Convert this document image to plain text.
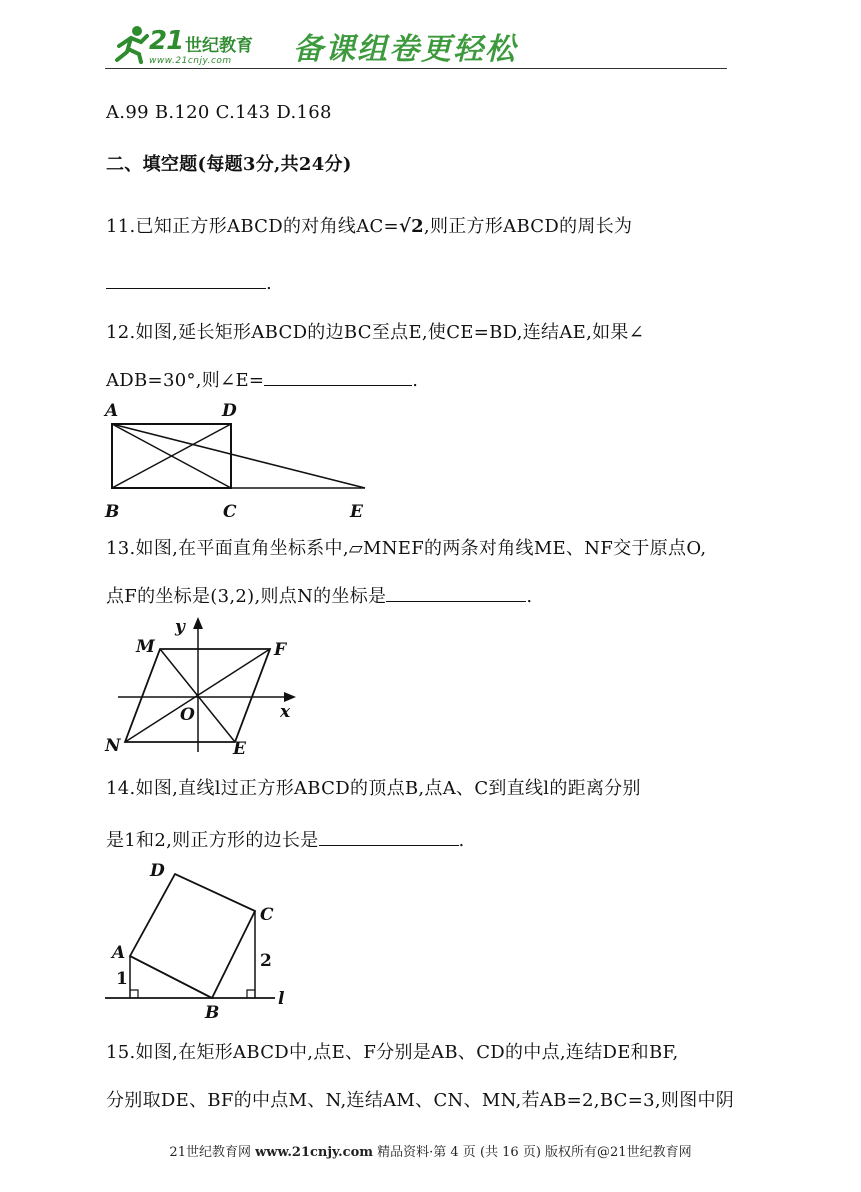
21 世纪教育
www.21cnjy.com 备课组卷更轻松
A.99 B.120 C.143 D.168
二、填空题(每题3分,共24分)
11.已知正方形ABCD的对角线AC=√2,则正方形ABCD的周长为
.
12.如图,延长矩形ABCD的边BC至点E,使CE=BD,连结AE,如果∠
ADB=30°,则∠E=	.
A	D
B	C	E
13.如图,在平面直角坐标系中,▱MNEF的两条对角线ME、NF交于原点O,
点F的坐标是(3,2),则点N的坐标是	.
y
x
M	F
O
N	E
14.如图,直线l过正方形ABCD的顶点B,点A、C到直线l的距离分别
是1和2,则正方形的边长是	.
D
C
A
B
l
1
2
15.如图,在矩形ABCD中,点E、F分别是AB、CD的中点,连结DE和BF,
分别取DE、BF的中点M、N,连结AM、CN、MN,若AB=2,BC=3,则图中阴
21世纪教育网 www.21cnjy.com 精品资料·第 4 页 (共 16 页) 版权所有@21世纪教育网
